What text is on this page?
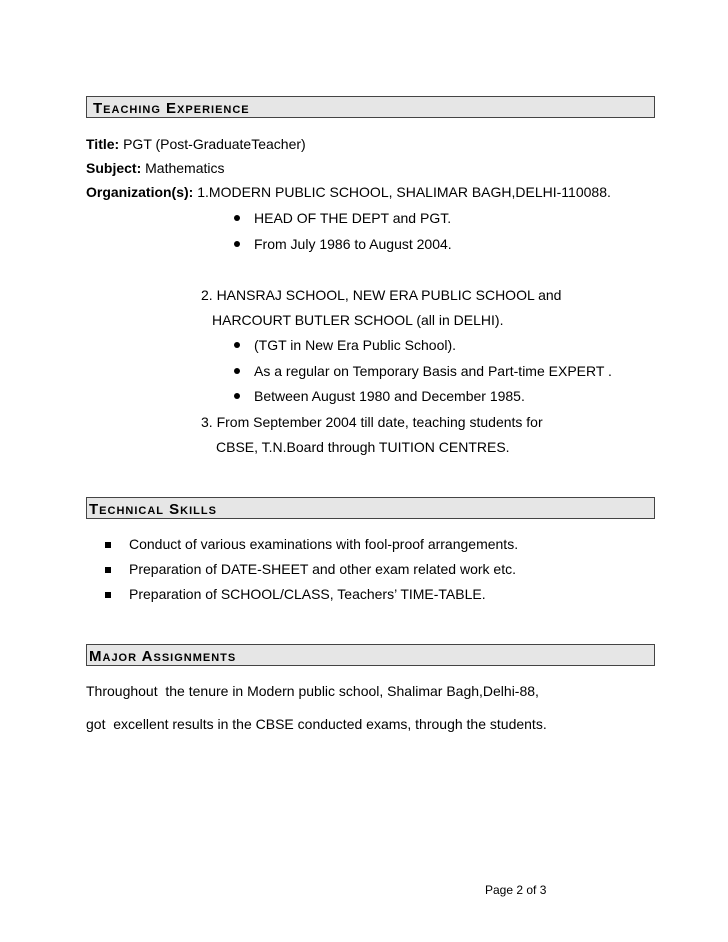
Teaching Experience
Title: PGT (Post-GraduateTeacher)
Subject: Mathematics
Organization(s): 1.MODERN PUBLIC SCHOOL, SHALIMAR BAGH,DELHI-110088.
HEAD OF THE DEPT and PGT.
From July 1986 to August 2004.
2. HANSRAJ SCHOOL, NEW ERA PUBLIC SCHOOL and
HARCOURT BUTLER SCHOOL (all in DELHI).
(TGT in New Era Public School).
As a regular on Temporary Basis and Part-time EXPERT .
Between August 1980 and December 1985.
3. From September 2004 till date, teaching students for
CBSE, T.N.Board through TUITION CENTRES.
Technical Skills
Conduct of various examinations with fool-proof arrangements.
Preparation of DATE-SHEET and other exam related work etc.
Preparation of SCHOOL/CLASS, Teachers’ TIME-TABLE.
Major Assignments
Throughout  the tenure in Modern public school, Shalimar Bagh,Delhi-88,
got  excellent results in the CBSE conducted exams, through the students.
Page 2 of 3
